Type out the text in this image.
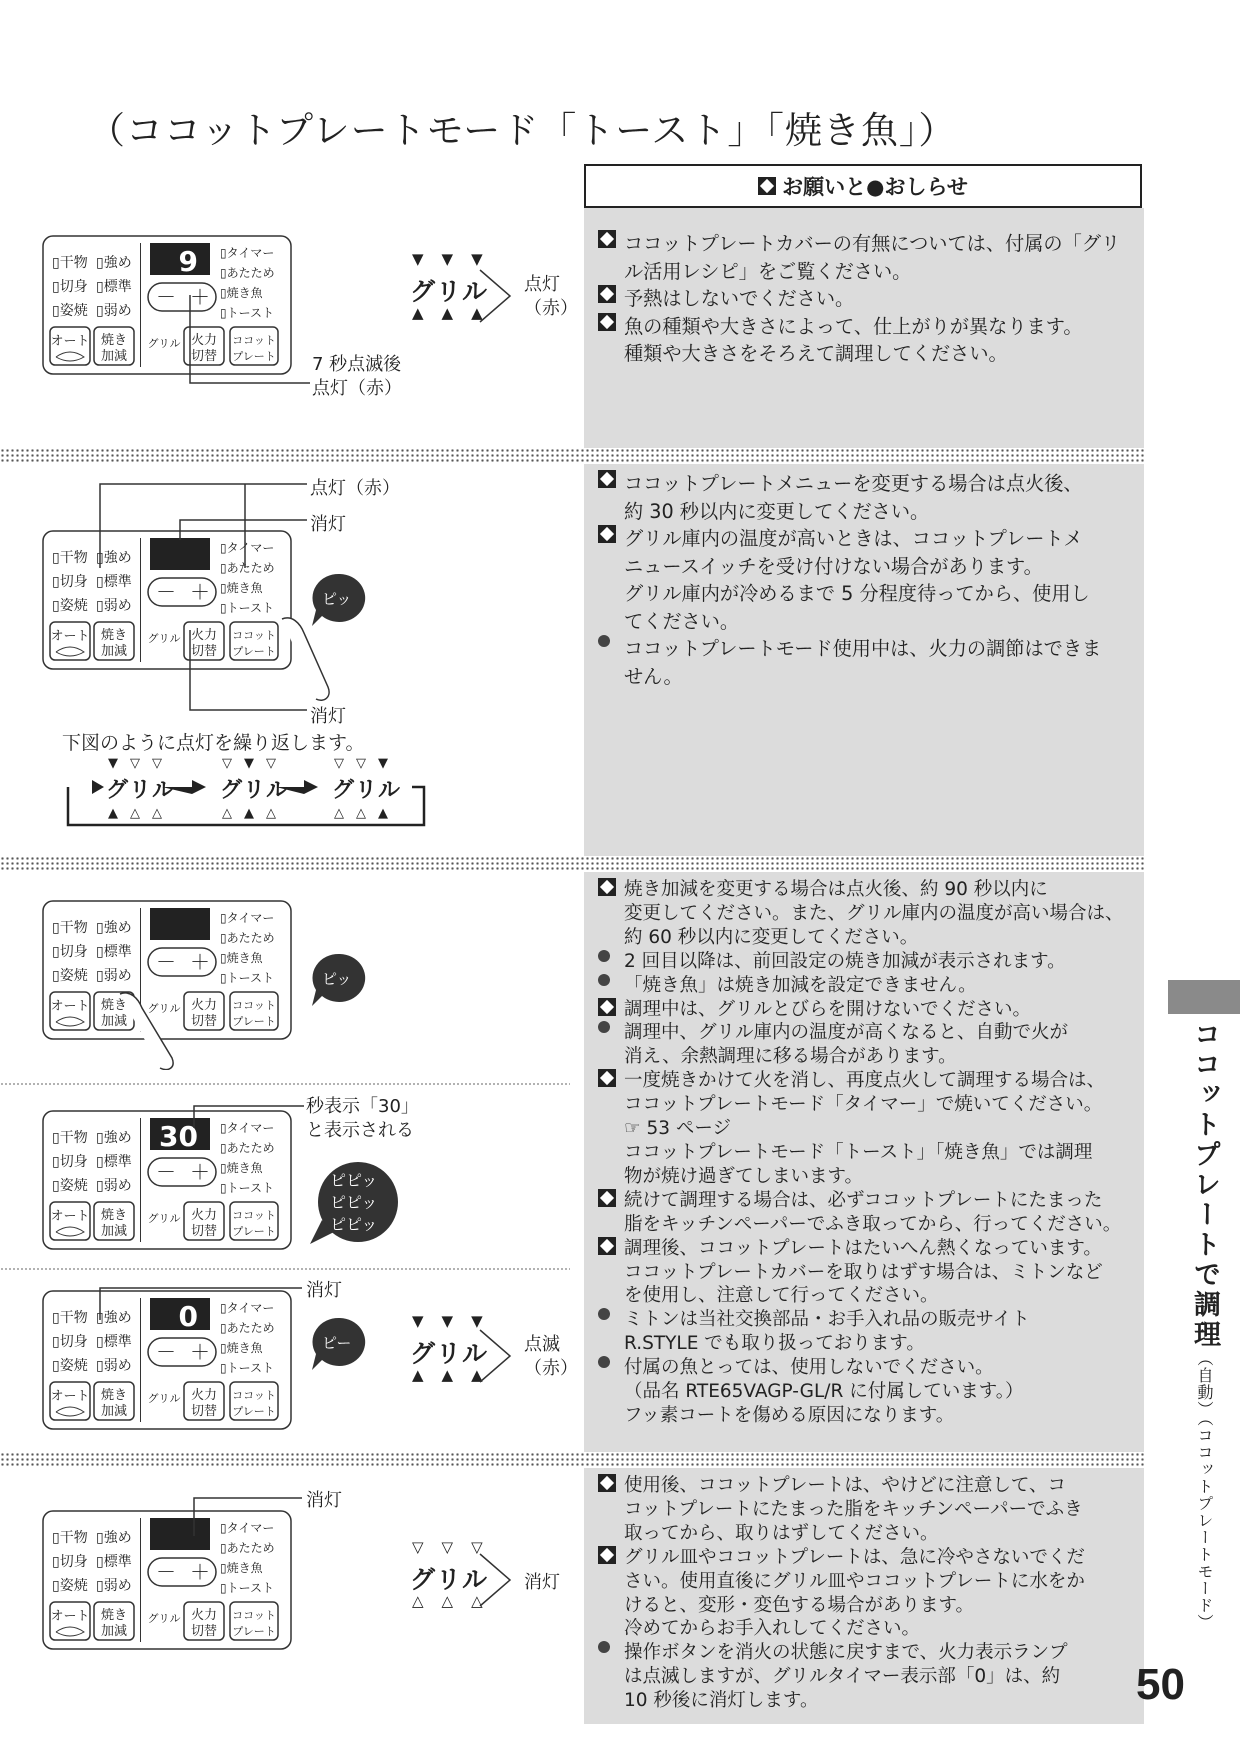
（ココットプレートモード「トースト」「焼き魚」）
お願いと●おしらせ

ココットプレートカバーの有無については、付属の「グリ

ル活用レシピ」をご覧ください。

予熱はしないでください。

魚の種類や大きさによって、仕上がりが異なります。

種類や大きさをそろえて調理してください。

ココットプレートメニューを変更する場合は点火後、

約 30 秒以内に変更してください。

グリル庫内の温度が高いときは、ココットプレートメ

ニュースイッチを受け付けない場合があります。

グリル庫内が冷めるまで 5 分程度待ってから、使用し

てください。

ココットプレートモード使用中は、火力の調節はできま

せん。

焼き加減を変更する場合は点火後、約 90 秒以内に

変更してください。また、グリル庫内の温度が高い場合は、

約 60 秒以内に変更してください。

2 回目以降は、前回設定の焼き加減が表示されます。

「焼き魚」は焼き加減を設定できません。

調理中は、グリルとびらを開けないでください。

調理中、グリル庫内の温度が高くなると、自動で火が

消え、余熱調理に移る場合があります。

一度焼きかけて火を消し、再度点火して調理する場合は、

ココットプレートモード「タイマー」で焼いてください。

☞ 53 ページ

ココットプレートモード「トースト」「焼き魚」では調理

物が焼け過ぎてしまいます。

続けて調理する場合は、必ずココットプレートにたまった

脂をキッチンペーパーでふき取ってから、行ってください。

調理後、ココットプレートはたいへん熱くなっています。

ココットプレートカバーを取りはずす場合は、ミトンなど

を使用し、注意して行ってください。

ミトンは当社交換部品・お手入れ品の販売サイト

R.STYLE でも取り扱っております。

付属の魚とっては、使用しないでください。

（品名 RTE65VAGP-GL/R に付属しています。）

フッ素コートを傷める原因になります。

使用後、ココットプレートは、やけどに注意して、コ

コットプレートにたまった脂をキッチンペーパーでふき

取ってから、取りはずしてください。

グリル皿やココットプレートは、急に冷やさないでくだ

さい。使用直後にグリル皿やココットプレートに水をか

けると、変形・変色する場合があります。

冷めてからお手入れしてください。

操作ボタンを消火の状態に戻すまで、火力表示ランプ

は点滅しますが、グリルタイマー表示部「0」は、約

10 秒後に消灯します。

▯干物 ▯強め
▯切身 ▯標準
▯姿焼 ▯弱め
オート 焼き
加減
9 ▯タイマー
▯あたため
▯焼き魚
▯トースト
－ ＋
グリル 火力
切替
ココット
プレート
▯干物 ▯強め
▯切身 ▯標準
▯姿焼 ▯弱め
オート 焼き
加減
▯タイマー
▯あたため
▯焼き魚
▯トースト
－ ＋
グリル 火力
切替
ココット
プレート
▯干物 ▯強め
▯切身 ▯標準
▯姿焼 ▯弱め
オート 焼き
加減
▯タイマー
▯あたため
▯焼き魚
▯トースト
－ ＋
グリル 火力
切替
ココット
プレート
▯干物 ▯強め
▯切身 ▯標準
▯姿焼 ▯弱め
オート 焼き
加減
30 ▯タイマー
▯あたため
▯焼き魚
▯トースト
－ ＋
グリル 火力
切替
ココット
プレート
▯干物 ▯強め
▯切身 ▯標準
▯姿焼 ▯弱め
オート 焼き
加減
0 ▯タイマー
▯あたため
▯焼き魚
▯トースト
－ ＋
グリル 火力
切替
ココット
プレート
▯干物 ▯強め
▯切身 ▯標準
▯姿焼 ▯弱め
オート 焼き
加減
▯タイマー
▯あたため
▯焼き魚
▯トースト
－ ＋
グリル 火力
切替
ココット
プレート
グリル
▼▼▼
▲▲▲
点灯
（赤）
7 秒点滅後
点灯（赤）
点灯（赤）
消灯
消灯
ピッ
下図のように点灯を繰り返します。
グリル グリル グリル
▼▽▽	▽▼▽	▽▽▼
▲△△	△▲△	△△▲
ピッ
秒表示「30」
と表示される
ピピッ
ピピッ
ピピッ
消灯
ピー グリル
▼▼▼
▲▲▲
点滅
（赤）
消灯
グリル
▽▽▽
△△△
消灯
ココットプレートで調理（自動）（ココットプレートモード）
50
